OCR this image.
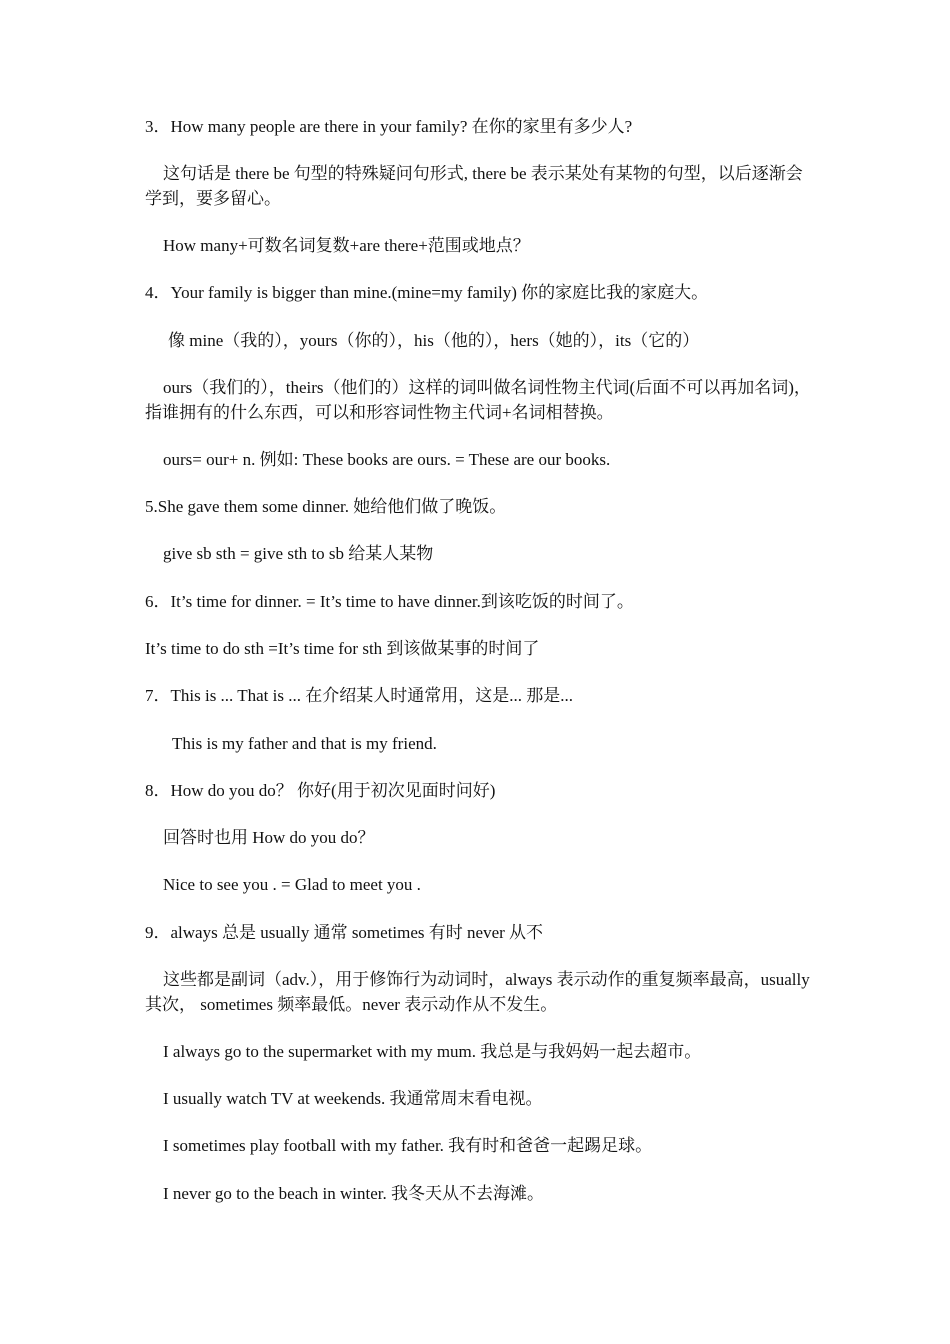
3．How many people are there in your family? 在你的家里有多少人?
这句话是 there be 句型的特殊疑问句形式, there be 表示某处有某物的句型，以后逐渐会学到，要多留心。
How many+可数名词复数+are there+范围或地点？
4．Your family is bigger than mine.(mine=my family) 你的家庭比我的家庭大。
像 mine（我的），yours（你的），his（他的），hers（她的），its（它的）
ours（我们的），theirs（他们的）这样的词叫做名词性物主代词(后面不可以再加名词)，指谁拥有的什么东西，可以和形容词性物主代词+名词相替换。
ours= our+ n. 例如: These books are ours. = These are our books.
5.She gave them some dinner. 她给他们做了晚饭。
give sb sth = give sth to sb 给某人某物
6．It’s time for dinner. = It’s time to have dinner.到该吃饭的时间了。
It’s time to do sth =It’s time for sth 到该做某事的时间了
7．This is ... That is ... 在介绍某人时通常用，这是... 那是...
This is my father and that is my friend.
8．How do you do？ 你好(用于初次见面时问好)
回答时也用 How do you do？
Nice to see you . = Glad to meet you .
9．always 总是 usually 通常 sometimes 有时 never 从不
这些都是副词（adv.），用于修饰行为动词时，always 表示动作的重复频率最高，usually 其次， sometimes 频率最低。never 表示动作从不发生。
I always go to the supermarket with my mum. 我总是与我妈妈一起去超市。
I usually watch TV at weekends. 我通常周末看电视。
I sometimes play football with my father. 我有时和爸爸一起踢足球。
I never go to the beach in winter. 我冬天从不去海滩。
